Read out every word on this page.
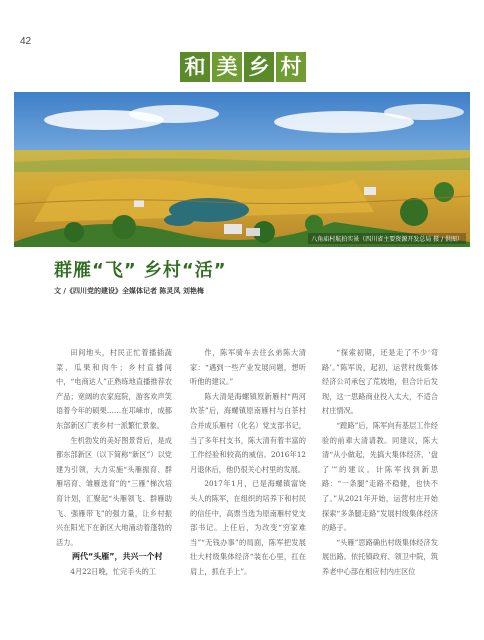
42
和 美 乡 村
八角庙村航拍实景（四川省主要资源开发总局 摄 / 供图）
群雁“飞” 乡村“活”
文 /《四川党的建设》全媒体记者 陈灵凤 刘艳梅

田间地头，村民正忙着播插蔬菜、瓜果和肉牛；乡村直播间中，“电商达人”正熟练地直播推荐农产品；宽阔的农家庭院，游客欢声笑语着今年的硕果……在邛崃市，成都东部新区广袤乡村一派繁忙景象。

生机勃发的美好图景背后，是成都东部新区（以下简称“新区”）以党建为引领，大力实施“头雁振育、群雁培育、雏雁选育”的“三雁”梯次培育计划，汇聚起“头雁领飞、群雁助飞、强雁带飞”的强力量，让乡村振兴在阳光下在新区大地涌动着蓬勃的活力。

两代“头雁”，共兴一个村

4月22日晚，忙完手头的工

作，陈军骑车去往幺弟陈大清家：“遇到一些产业发展问题，想听听他的建议。”

陈大清是海螺镇原新雁村“两河坎茶”后，海螺镇原南雁村与白茶村合并成乐雁村（化名）党支部书记，当了多年村支书，陈大清有着丰富的工作经验和较高的威信。2016年12月退休后，他仍很关心村里的发展。

2017年1月，已是海螺镇富饶头人的陈军，在组织的培养下和村民的信任中，高票当选为原南雁村党支部书记。上任后，为改变“穷家难当”“无钱办事”的局面，陈军把发展壮大村级集体经济“装在心里，扛在肩上，抓在手上”。

“探索初期，还是走了不少‘弯路’。”陈军说，起初，运营村级集体经济公司承包了荒坡地，但合计后发现，这一思路商业投入太大，不适合村庄情况。

“蹚路”后，陈军向有基层工作经验的前辈大清请教。同建议，陈大清“从小做起，先搞大集体经济，‘盘了’”的建议。计陈军找到新思路：“一条腿”走路不稳健，也快不了。”从2021年开始，运营村庄开始探索“多条腿走路”发展村级集体经济的路子。

“头雁”思路确出村级集体经济发展出路。依托镇政府、领卫中院，筑养老中心部在相应村内庄区位
